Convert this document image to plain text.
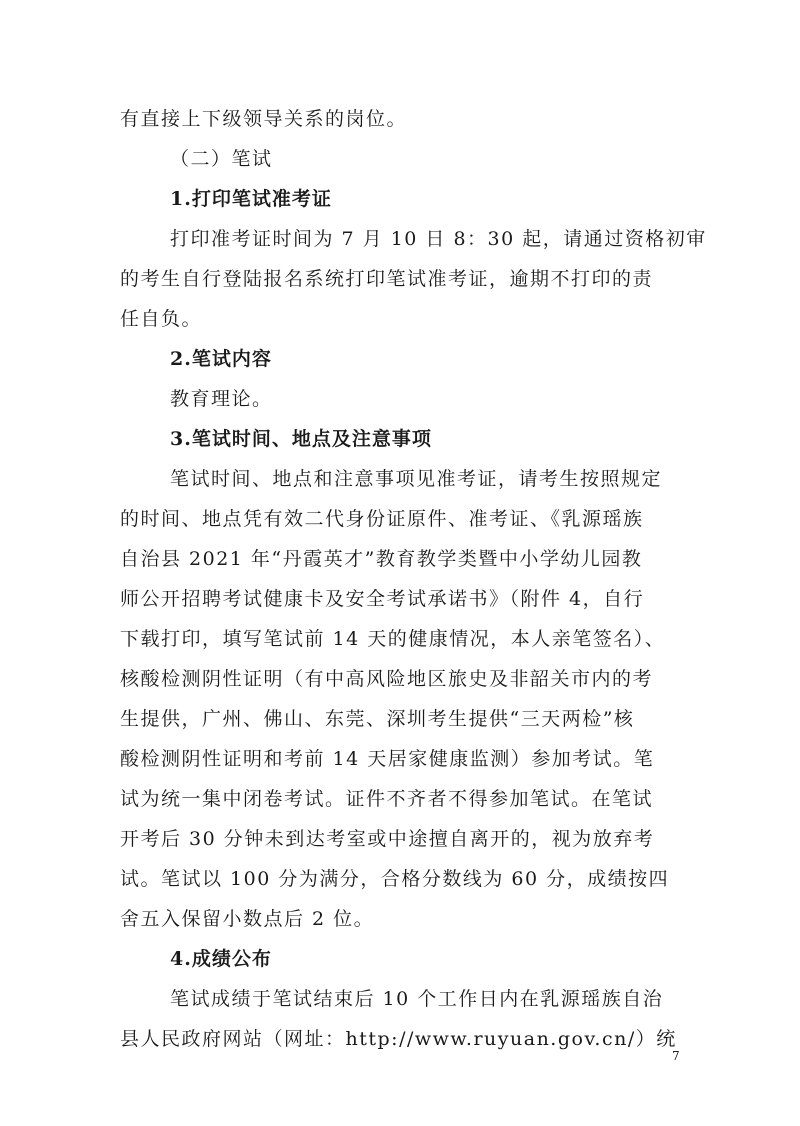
有直接上下级领导关系的岗位。
（二）笔试
1.打印笔试准考证
打印准考证时间为 7 月 10 日 8：30 起，请通过资格初审
的考生自行登陆报名系统打印笔试准考证，逾期不打印的责
任自负。
2.笔试内容
教育理论。
3.笔试时间、地点及注意事项
笔试时间、地点和注意事项见准考证，请考生按照规定
的时间、地点凭有效二代身份证原件、准考证、《乳源瑶族
自治县 2021 年“丹霞英才”教育教学类暨中小学幼儿园教
师公开招聘考试健康卡及安全考试承诺书》（附件 4，自行
下载打印，填写笔试前 14 天的健康情况，本人亲笔签名）、
核酸检测阴性证明（有中高风险地区旅史及非韶关市内的考
生提供，广州、佛山、东莞、深圳考生提供“三天两检”核
酸检测阴性证明和考前 14 天居家健康监测）参加考试。笔
试为统一集中闭卷考试。证件不齐者不得参加笔试。在笔试
开考后 30 分钟未到达考室或中途擅自离开的，视为放弃考
试。笔试以 100 分为满分，合格分数线为 60 分，成绩按四
舍五入保留小数点后 2 位。
4.成绩公布
笔试成绩于笔试结束后 10 个工作日内在乳源瑶族自治
县人民政府网站（网址：http://www.ruyuan.gov.cn/）统
7
